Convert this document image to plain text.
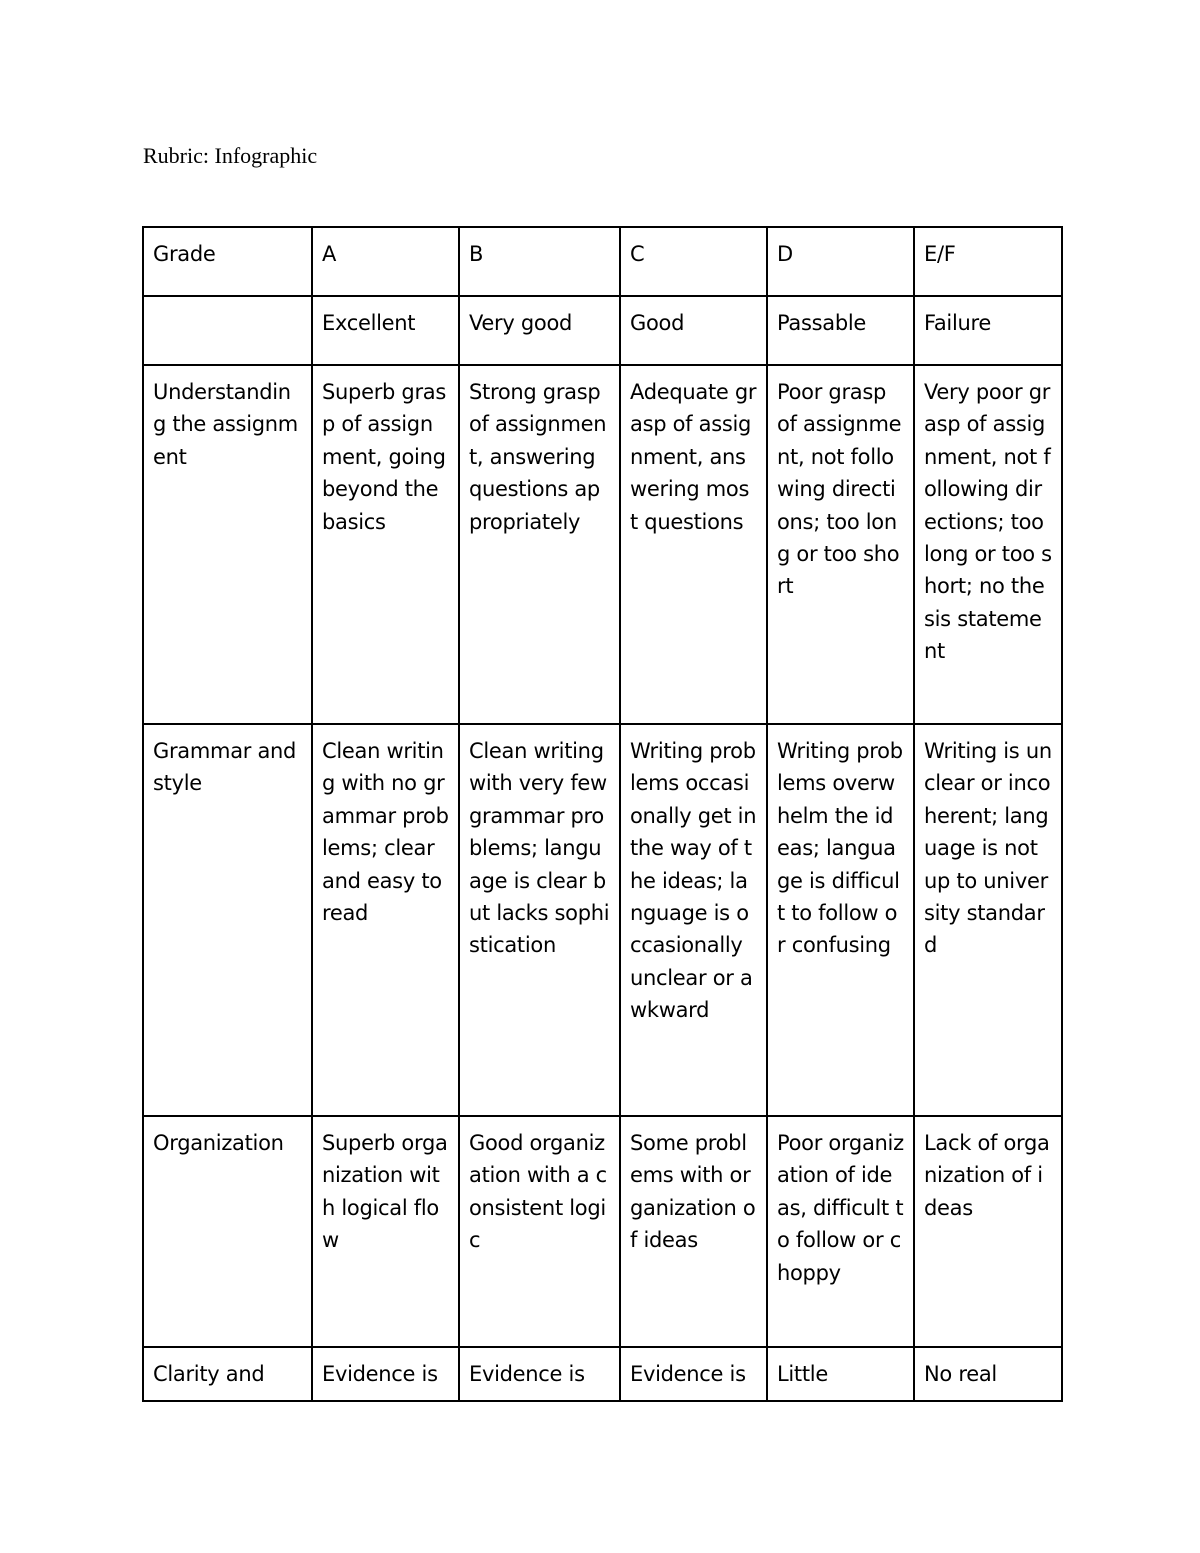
Rubric: Infographic
Grade	A	B	C	D	E/F
	Excellent	Very good	Good	Passable	Failure
Understanding the assignment	Superb grasp of assignment, going beyond the basics	Strong grasp of assignment, answering questions appropriately	Adequate grasp of assignment, answering most questions	Poor grasp of assignment, not following directions; too long or too short	Very poor grasp of assignment, not following directions; too long or too short; no thesis statement
Grammar and style	Clean writing with no grammar problems; clear and easy to read	Clean writing with very few grammar problems; language is clear but lacks sophistication	Writing problems occasionally get in the way of the ideas; language is occasionally unclear or awkward	Writing problems overwhelm the ideas; language is difficult to follow or confusing	Writing is unclear or incoherent; language is not up to university standard
Organization	Superb organization with logical flow	Good organization with a consistent logic	Some problems with organization of ideas	Poor organization of ideas, difficult to follow or choppy	Lack of organization of ideas
Clarity and	Evidence is	Evidence is	Evidence is	Little	No real
